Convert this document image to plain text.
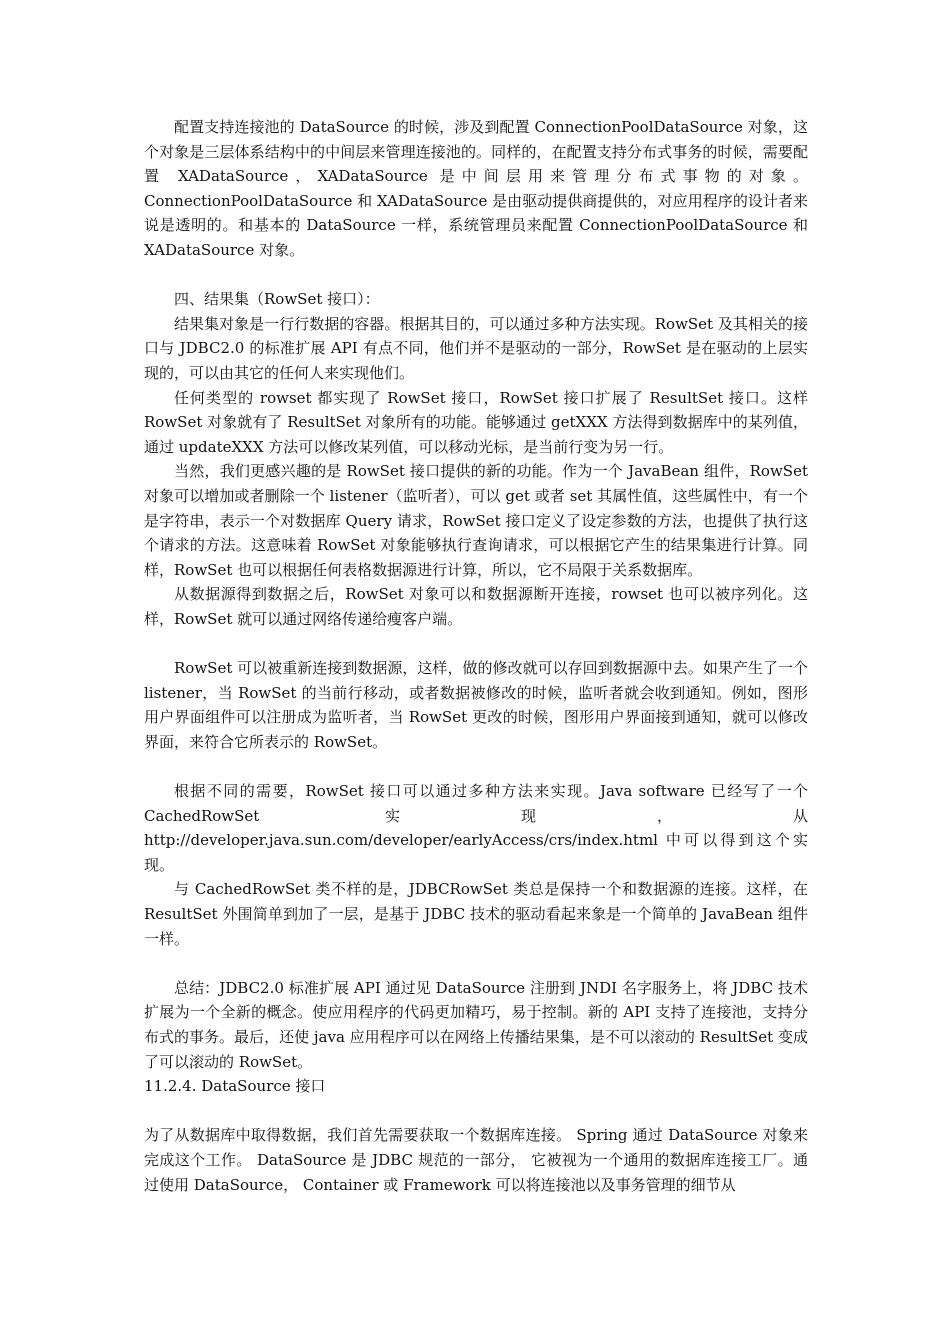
配置支持连接池的 DataSource 的时候，涉及到配置 ConnectionPoolDataSource 对象，这个对象是三层体系结构中的中间层来管理连接池的。同样的，在配置支持分布式事务的时候，需要配置 XADataSource，XADataSource 是中间层用来管理分布式事物的对象。ConnectionPoolDataSource 和 XADataSource 是由驱动提供商提供的，对应用程序的设计者来说是透明的。和基本的 DataSource 一样，系统管理员来配置 ConnectionPoolDataSource 和 XADataSource 对象。

四、结果集（RowSet 接口）：

结果集对象是一行行数据的容器。根据其目的，可以通过多种方法实现。RowSet 及其相关的接口与 JDBC2.0 的标准扩展 API 有点不同，他们并不是驱动的一部分，RowSet 是在驱动的上层实现的，可以由其它的任何人来实现他们。

任何类型的 rowset 都实现了 RowSet 接口，RowSet 接口扩展了 ResultSet 接口。这样 RowSet 对象就有了 ResultSet 对象所有的功能。能够通过 getXXX 方法得到数据库中的某列值，通过 updateXXX 方法可以修改某列值，可以移动光标，是当前行变为另一行。

当然，我们更感兴趣的是 RowSet 接口提供的新的功能。作为一个 JavaBean 组件，RowSet 对象可以增加或者删除一个 listener（监听者），可以 get 或者 set 其属性值，这些属性中，有一个是字符串，表示一个对数据库 Query 请求，RowSet 接口定义了设定参数的方法，也提供了执行这个请求的方法。这意味着 RowSet 对象能够执行查询请求，可以根据它产生的结果集进行计算。同样，RowSet 也可以根据任何表格数据源进行计算，所以，它不局限于关系数据库。

从数据源得到数据之后，RowSet 对象可以和数据源断开连接，rowset 也可以被序列化。这样，RowSet 就可以通过网络传递给瘦客户端。

RowSet 可以被重新连接到数据源，这样，做的修改就可以存回到数据源中去。如果产生了一个 listener，当 RowSet 的当前行移动，或者数据被修改的时候，监听者就会收到通知。例如，图形用户界面组件可以注册成为监听者，当 RowSet 更改的时候，图形用户界面接到通知，就可以修改界面，来符合它所表示的 RowSet。

根据不同的需要，RowSet 接口可以通过多种方法来实现。Java software 已经写了一个 CachedRowSet 实现，从 http://developer.java.sun.com/developer/earlyAccess/crs/index.html 中可以得到这个实现。

与 CachedRowSet 类不样的是，JDBCRowSet 类总是保持一个和数据源的连接。这样，在 ResultSet 外围简单到加了一层，是基于 JDBC 技术的驱动看起来象是一个简单的 JavaBean 组件一样。

总结：JDBC2.0 标准扩展 API 通过见 DataSource 注册到 JNDI 名字服务上，将 JDBC 技术扩展为一个全新的概念。使应用程序的代码更加精巧，易于控制。新的 API 支持了连接池，支持分布式的事务。最后，还使 java 应用程序可以在网络上传播结果集，是不可以滚动的 ResultSet 变成了可以滚动的 RowSet。

11.2.4. DataSource 接口

为了从数据库中取得数据，我们首先需要获取一个数据库连接。 Spring 通过 DataSource 对象来完成这个工作。 DataSource 是 JDBC 规范的一部分， 它被视为一个通用的数据库连接工厂。通过使用 DataSource， Container 或 Framework 可以将连接池以及事务管理的细节从
